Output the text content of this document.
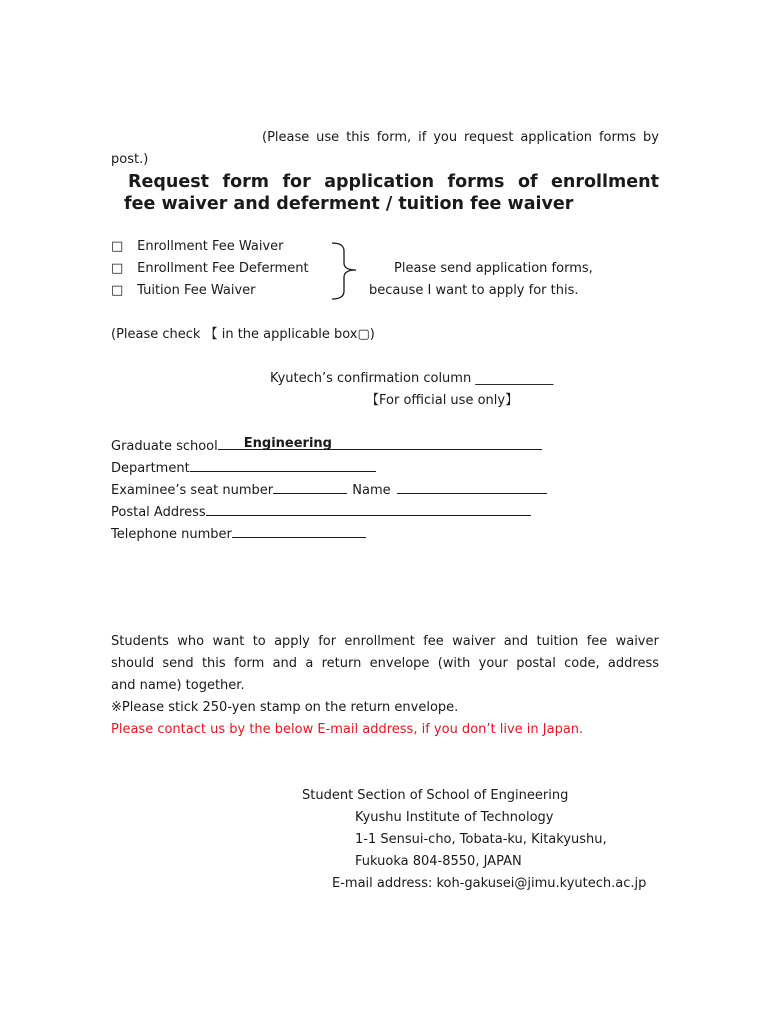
(Please use this form, if you request application forms by
post.)
Request form for application forms of enrollment
fee waiver and deferment / tuition fee waiver
□ Enrollment Fee Waiver
□ Enrollment Fee Deferment
□ Tuition Fee Waiver
Please send application forms,
because I want to apply for this.
(Please check 【 in the applicable box▢)
Kyutech’s confirmation column ____________
【For official use only】
Graduate school Engineering
Department
Examinee’s seat number	Name
Postal Address
Telephone number
Students who want to apply for enrollment fee waiver and tuition fee waiver
should send this form and a return envelope (with your postal code, address
and name) together.
※Please stick 250-yen stamp on the return envelope.
Please contact us by the below E-mail address, if you don’t live in Japan.
Student Section of School of Engineering
Kyushu Institute of Technology
1-1 Sensui-cho, Tobata-ku, Kitakyushu,
Fukuoka 804-8550, JAPAN
E-mail address: koh-gakusei@jimu.kyutech.ac.jp
